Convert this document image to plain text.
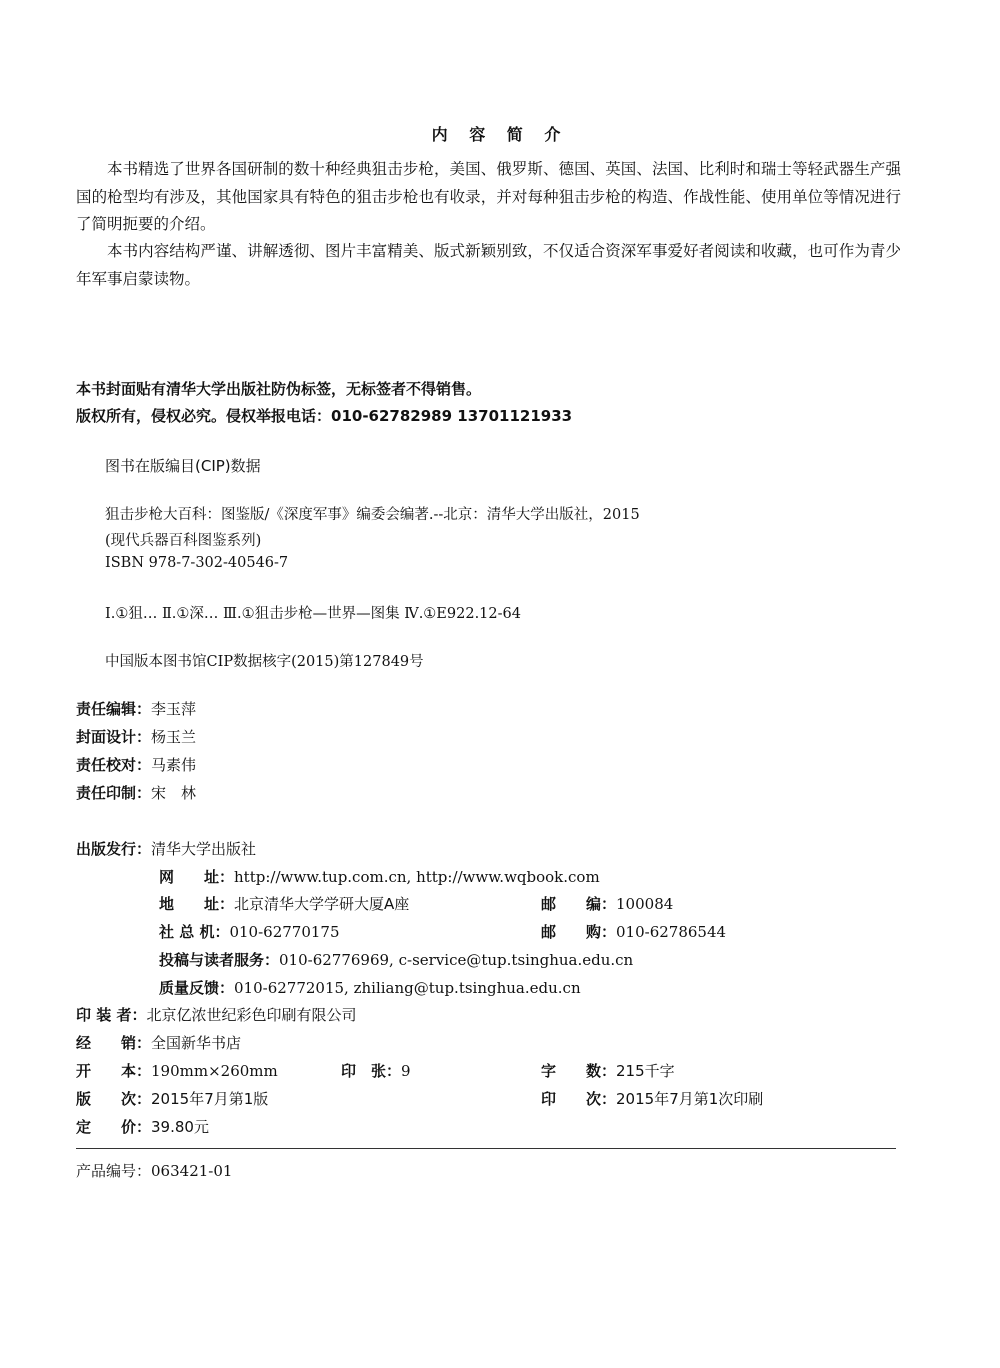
内 容 简 介
本书精选了世界各国研制的数十种经典狙击步枪，美国、俄罗斯、德国、英国、法国、比利时和瑞士等轻武器生产强国的枪型均有涉及，其他国家具有特色的狙击步枪也有收录，并对每种狙击步枪的构造、作战性能、使用单位等情况进行了简明扼要的介绍。
本书内容结构严谨、讲解透彻、图片丰富精美、版式新颖别致，不仅适合资深军事爱好者阅读和收藏，也可作为青少年军事启蒙读物。
本书封面贴有清华大学出版社防伪标签，无标签者不得销售。
版权所有，侵权必究。侵权举报电话：010-62782989 13701121933
图书在版编目(CIP)数据
狙击步枪大百科：图鉴版/《深度军事》编委会编著.--北京：清华大学出版社，2015
(现代兵器百科图鉴系列)
ISBN 978-7-302-40546-7
Ⅰ.①狙… Ⅱ.①深… Ⅲ.①狙击步枪—世界—图集 Ⅳ.①E922.12-64
中国版本图书馆CIP数据核字(2015)第127849号
责任编辑：李玉萍
封面设计：杨玉兰
责任校对：马素伟
责任印制：宋　林
出版发行：清华大学出版社
网　　址：http://www.tup.com.cn, http://www.wqbook.com
地　　址：北京清华大学学研大厦A座	邮　　编：100084
社 总 机：010-62770175	邮　　购：010-62786544
投稿与读者服务：010-62776969, c-service@tup.tsinghua.edu.cn
质量反馈：010-62772015, zhiliang@tup.tsinghua.edu.cn
印 装 者：北京亿浓世纪彩色印刷有限公司
经　　销：全国新华书店
开　　本：190mm×260mm	印　张：9	字　　数：215千字
版　　次：2015年7月第1版	印　　次：2015年7月第1次印刷
定　　价：39.80元
产品编号：063421-01
